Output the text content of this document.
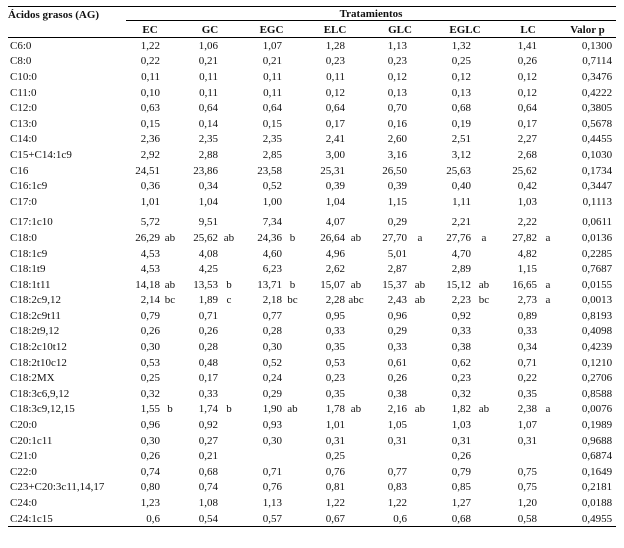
Ácidos grasos (AG)	Tratamientos														

	EC		GC		EGC		ELC		GLC		EGLC		LC		Valor p
C6:0	1,22		1,06		1,07		1,28		1,13		1,32		1,41		0,1300
C8:0	0,22		0,21		0,21		0,23		0,23		0,25		0,26		0,7114
C10:0	0,11		0,11		0,11		0,11		0,12		0,12		0,12		0,3476
C11:0	0,10		0,11		0,11		0,12		0,13		0,13		0,12		0,4222
C12:0	0,63		0,64		0,64		0,64		0,70		0,68		0,64		0,3805
C13:0	0,15		0,14		0,15		0,17		0,16		0,19		0,17		0,5678
C14:0	2,36		2,35		2,35		2,41		2,60		2,51		2,27		0,4455
C15+C14:1c9	2,92		2,88		2,85		3,00		3,16		3,12		2,68		0,1030
C16	24,51		23,86		23,58		25,31		26,50		25,63		25,62		0,1734
C16:1c9	0,36		0,34		0,52		0,39		0,39		0,40		0,42		0,3447
C17:0	1,01		1,04		1,00		1,04		1,15		1,11		1,03		0,1113

C17:1c10	5,72		9,51		7,34		4,07		0,29		2,21		2,22		0,0611
C18:0	26,29	ab	25,62	ab	24,36	b	26,64	ab	27,70	a	27,76	a	27,82	a	0,0136
C18:1c9	4,53		4,08		4,60		4,96		5,01		4,70		4,82		0,2285
C18:1t9	4,53		4,25		6,23		2,62		2,87		2,89		1,15		0,7687
C18:1t11	14,18	ab	13,53	b	13,71	b	15,07	ab	15,37	ab	15,12	ab	16,65	a	0,0155
C18:2c9,12	2,14	bc	1,89	c	2,18	bc	2,28	abc	2,43	ab	2,23	bc	2,73	a	0,0013
C18:2c9t11	0,79		0,71		0,77		0,95		0,96		0,92		0,89		0,8193
C18:2t9,12	0,26		0,26		0,28		0,33		0,29		0,33		0,33		0,4098
C18:2c10t12	0,30		0,28		0,30		0,35		0,33		0,38		0,34		0,4239
C18:2t10c12	0,53		0,48		0,52		0,53		0,61		0,62		0,71		0,1210
C18:2MX	0,25		0,17		0,24		0,23		0,26		0,23		0,22		0,2706
C18:3c6,9,12	0,32		0,33		0,29		0,35		0,38		0,32		0,35		0,8588
C18:3c9,12,15	1,55	b	1,74	b	1,90	ab	1,78	ab	2,16	ab	1,82	ab	2,38	a	0,0076
C20:0	0,96		0,92		0,93		1,01		1,05		1,03		1,07		0,1989
C20:1c11	0,30		0,27		0,30		0,31		0,31		0,31		0,31		0,9688
C21:0	0,26		0,21				0,25				0,26				0,6874
C22:0	0,74		0,68		0,71		0,76		0,77		0,79		0,75		0,1649
C23+C20:3c11,14,17	0,80		0,74		0,76		0,81		0,83		0,85		0,75		0,2181
C24:0	1,23		1,08		1,13		1,22		1,22		1,27		1,20		0,0188
C24:1c15	0,6		0,54		0,57		0,67		0,6		0,68		0,58		0,4955
